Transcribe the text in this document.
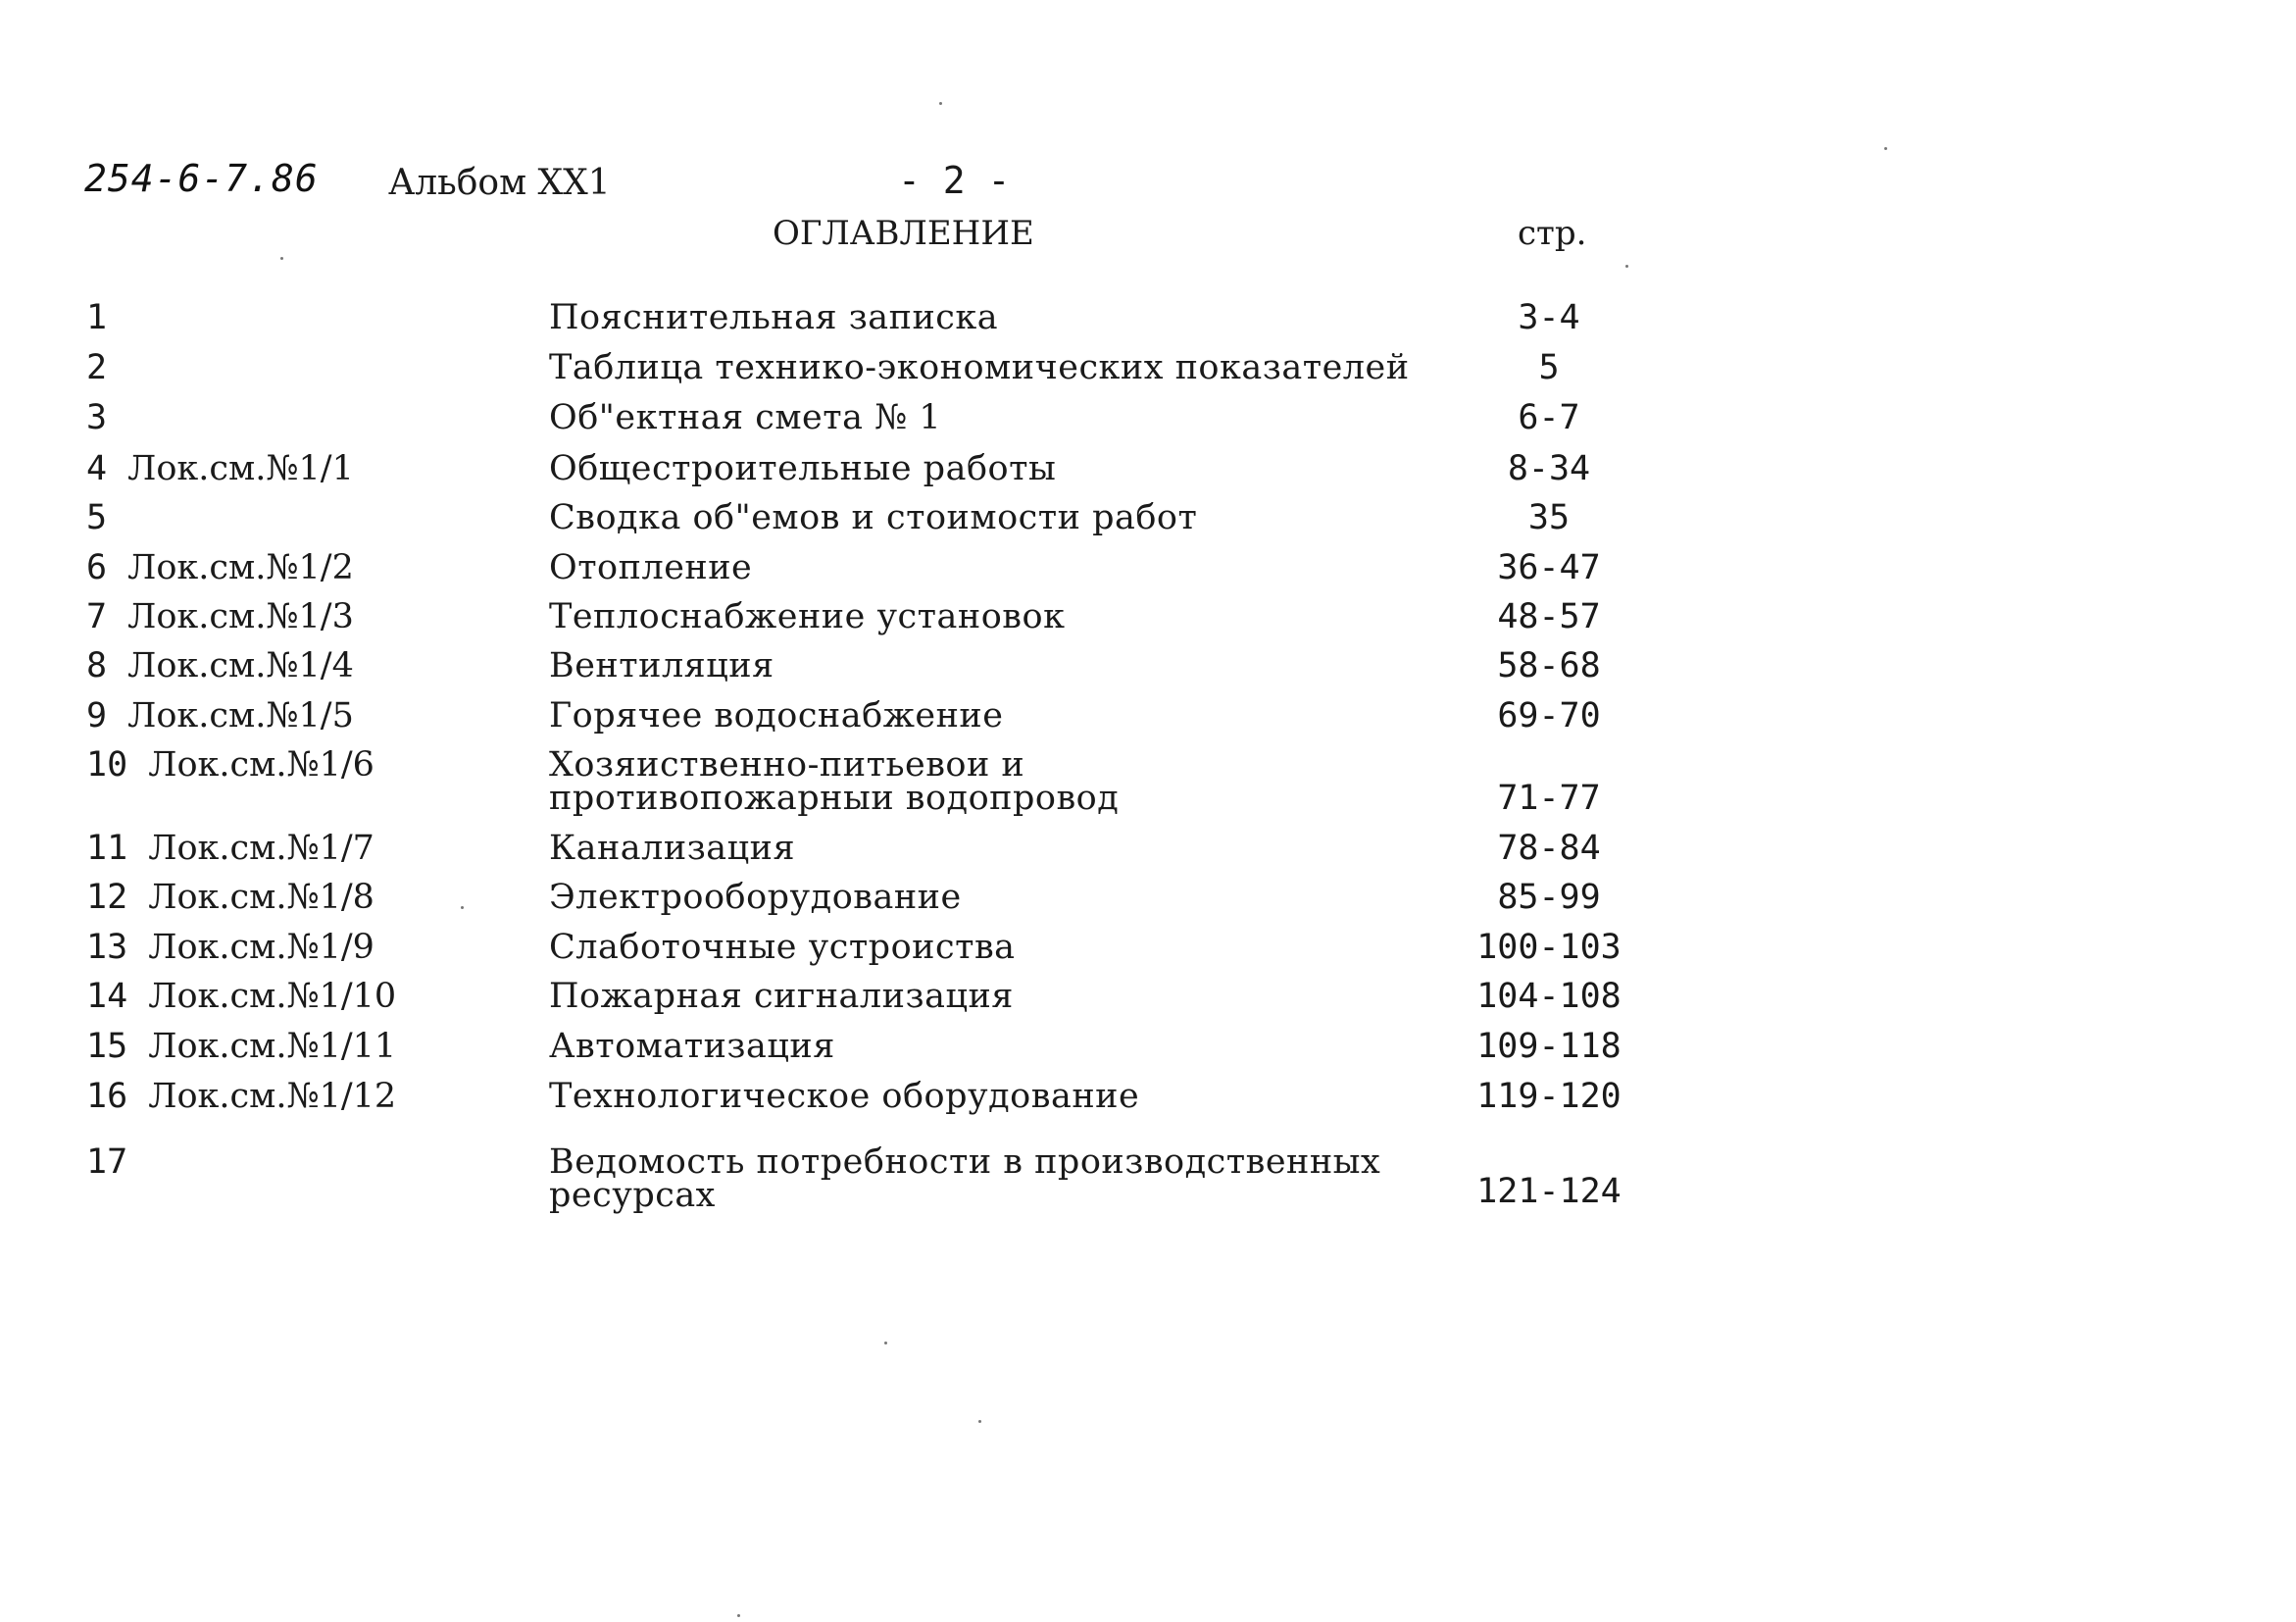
254-6-7.86 Альбом ХХ1	- 2 -
ОГЛАВЛЕНИЕ	стр.
1	Пояснительная записка	3-4
2	Таблица технико-экономических показателей	5
3	Об"ектная смета № 1	6-7
4 Лок.см.№1/1	Общестроительные работы	8-34
5	Сводка об"емов и стоимости работ	35
6 Лок.см.№1/2	Отопление	36-47
7 Лок.см.№1/3	Теплоснабжение установок	48-57
8 Лок.см.№1/4	Вентиляция	58-68
9 Лок.см.№1/5	Горячее водоснабжение	69-70
10 Лок.см.№1/6	Хозяиственно-питьевои и
противопожарныи водопровод	71-77
11 Лок.см.№1/7	Канализация	78-84
12 Лок.см.№1/8	Электрооборудование	85-99
13 Лок.см.№1/9	Слаботочные устроиства	100-103
14 Лок.см.№1/10	Пожарная сигнализация	104-108
15 Лок.см.№1/11	Автоматизация	109-118
16 Лок.см.№1/12	Технологическое оборудование	119-120
17	Ведомость потребности в производственных
ресурсах	121-124
